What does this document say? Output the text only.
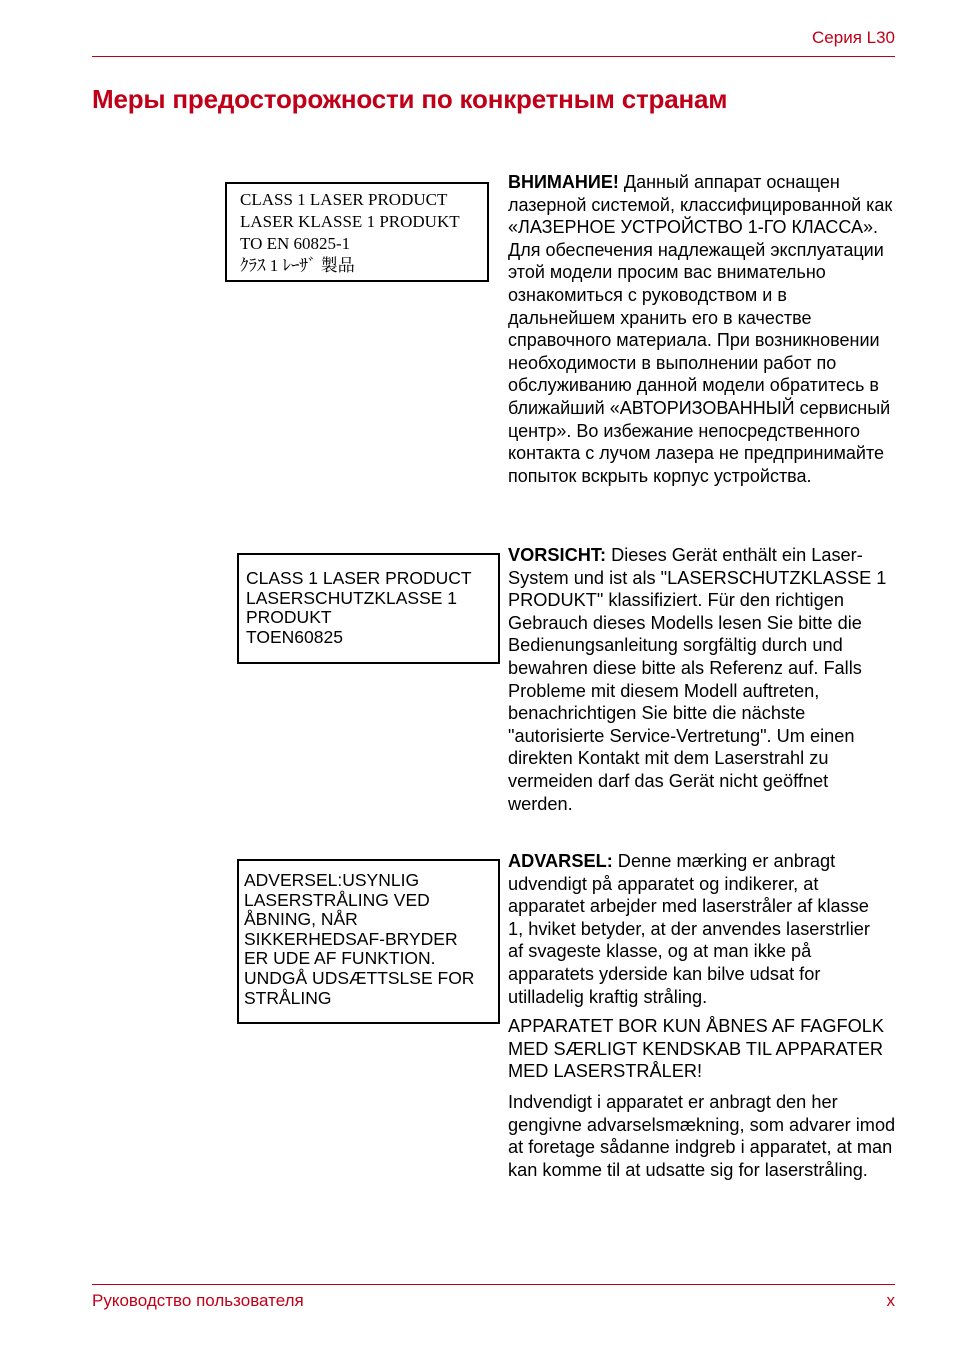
Серия L30
Меры предосторожности по конкретным странам
CLASS 1 LASER PRODUCT
LASER KLASSE 1 PRODUKT
TO EN 60825-1
ｸﾗｽ 1 ﾚｰｻﾞ 製品
CLASS 1 LASER PRODUCT
LASERSCHUTZKLASSE 1
PRODUKT
TOEN60825
ADVERSEL:USYNLIG
LASERSTRÅLING VED
ÅBNING, NÅR
SIKKERHEDSAF-BRYDER
ER UDE AF FUNKTION.
UNDGÅ UDSÆTTSLSE FOR
STRÅLING

ВНИМАНИЕ! Данный аппарат оснащен лазерной системой, классифицированной как «ЛАЗЕРНОЕ УСТРОЙСТВО 1-ГО КЛАССА». Для обеспечения надлежащей эксплуатации этой модели просим вас внимательно ознакомиться с руководством и в дальнейшем хранить его в качестве справочного материала. При возникновении необходимости в выполнении работ по обслуживанию данной модели обратитесь в ближайший «АВТОРИЗОВАННЫЙ сервисный центр». Во избежание непосредственного контакта с лучом лазера не предпринимайте попыток вскрыть корпус устройства.

VORSICHT: Dieses Gerät enthält ein Laser-System und ist als "LASERSCHUTZKLASSE 1 PRODUKT" klassifiziert. Für den richtigen Gebrauch dieses Modells lesen Sie bitte die Bedienungsanleitung sorgfältig durch und bewahren diese bitte als Referenz auf. Falls Probleme mit diesem Modell auftreten, benachrichtigen Sie bitte die nächste "autorisierte Service-Vertretung". Um einen direkten Kontakt mit dem Laserstrahl zu vermeiden darf das Gerät nicht geöffnet werden.

ADVARSEL: Denne mærking er anbragt udvendigt på apparatet og indikerer, at apparatet arbejder med laserstråler af klasse 1, hviket betyder, at der anvendes laserstrlier af svageste klasse, og at man ikke på apparatets yderside kan bilve udsat for utilladelig kraftig stråling.

APPARATET BOR KUN ÅBNES AF FAGFOLK MED SÆRLIGT KENDSKAB TIL APPARATER MED LASERSTRÅLER!

Indvendigt i apparatet er anbragt den her gengivne advarselsmækning, som advarer imod at foretage sådanne indgreb i apparatet, at man kan komme til at udsatte sig for laserstråling.

Руководство пользователя	x
